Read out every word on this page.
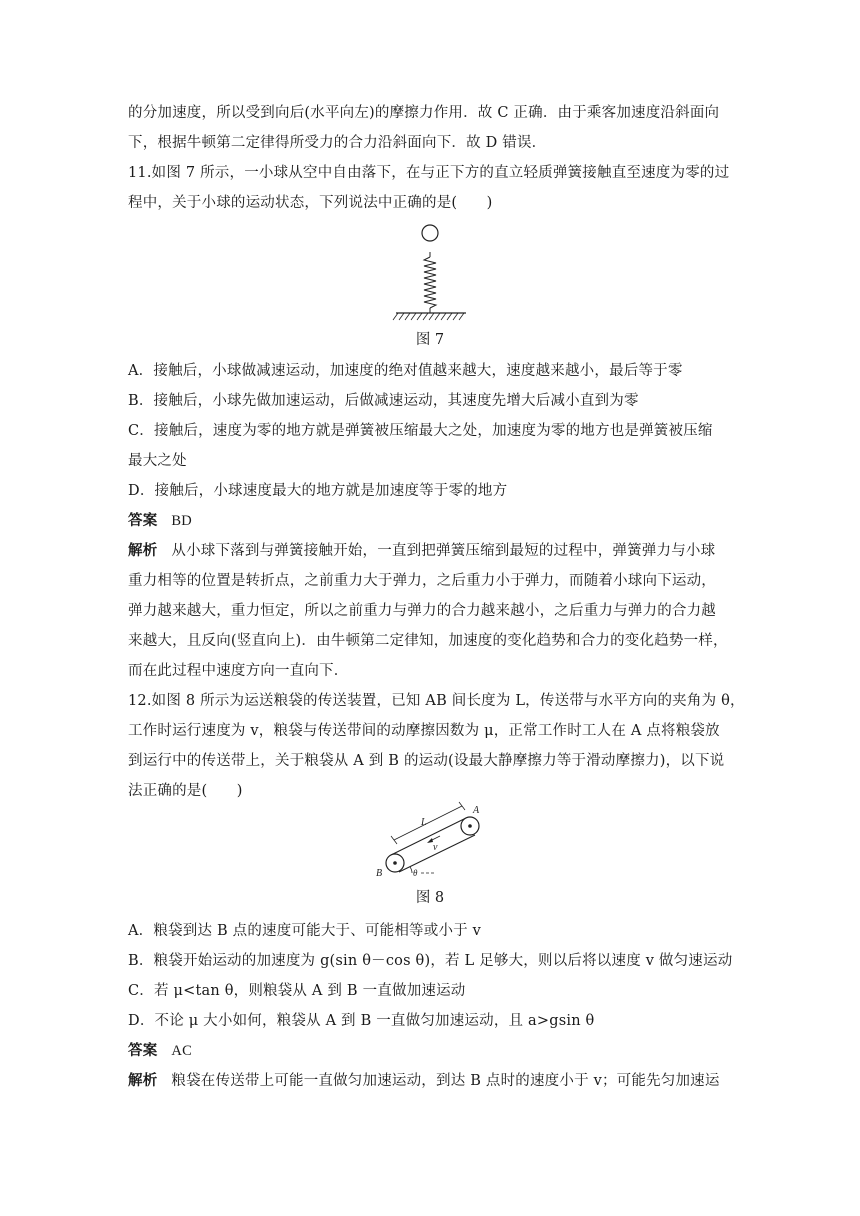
的分加速度，所以受到向后(水平向左)的摩擦力作用．故 C 正确．由于乘客加速度沿斜面向
下，根据牛顿第二定律得所受力的合力沿斜面向下．故 D 错误．
11.如图 7 所示，一小球从空中自由落下，在与正下方的直立轻质弹簧接触直至速度为零的过
程中，关于小球的运动状态，下列说法中正确的是(　　)
图 7
A．接触后，小球做减速运动，加速度的绝对值越来越大，速度越来越小，最后等于零
B．接触后，小球先做加速运动，后做减速运动，其速度先增大后减小直到为零
C．接触后，速度为零的地方就是弹簧被压缩最大之处，加速度为零的地方也是弹簧被压缩
最大之处
D．接触后，小球速度最大的地方就是加速度等于零的地方
答案 BD
解析 从小球下落到与弹簧接触开始，一直到把弹簧压缩到最短的过程中，弹簧弹力与小球
重力相等的位置是转折点，之前重力大于弹力，之后重力小于弹力，而随着小球向下运动，
弹力越来越大，重力恒定，所以之前重力与弹力的合力越来越小，之后重力与弹力的合力越
来越大，且反向(竖直向上)．由牛顿第二定律知，加速度的变化趋势和合力的变化趋势一样，
而在此过程中速度方向一直向下．
12.如图 8 所示为运送粮袋的传送装置，已知 AB 间长度为 L，传送带与水平方向的夹角为 θ，
工作时运行速度为 v，粮袋与传送带间的动摩擦因数为 μ，正常工作时工人在 A 点将粮袋放
到运行中的传送带上，关于粮袋从 A 到 B 的运动(设最大静摩擦力等于滑动摩擦力)，以下说
法正确的是(　　)
L
v
A
B	θ
图 8
A．粮袋到达 B 点的速度可能大于、可能相等或小于 v
B．粮袋开始运动的加速度为 g(sin θ－cos θ)，若 L 足够大，则以后将以速度 v 做匀速运动
C．若 μ<tan θ，则粮袋从 A 到 B 一直做加速运动
D．不论 μ 大小如何，粮袋从 A 到 B 一直做匀加速运动，且 a>gsin θ
答案 AC
解析 粮袋在传送带上可能一直做匀加速运动，到达 B 点时的速度小于 v；可能先匀加速运
